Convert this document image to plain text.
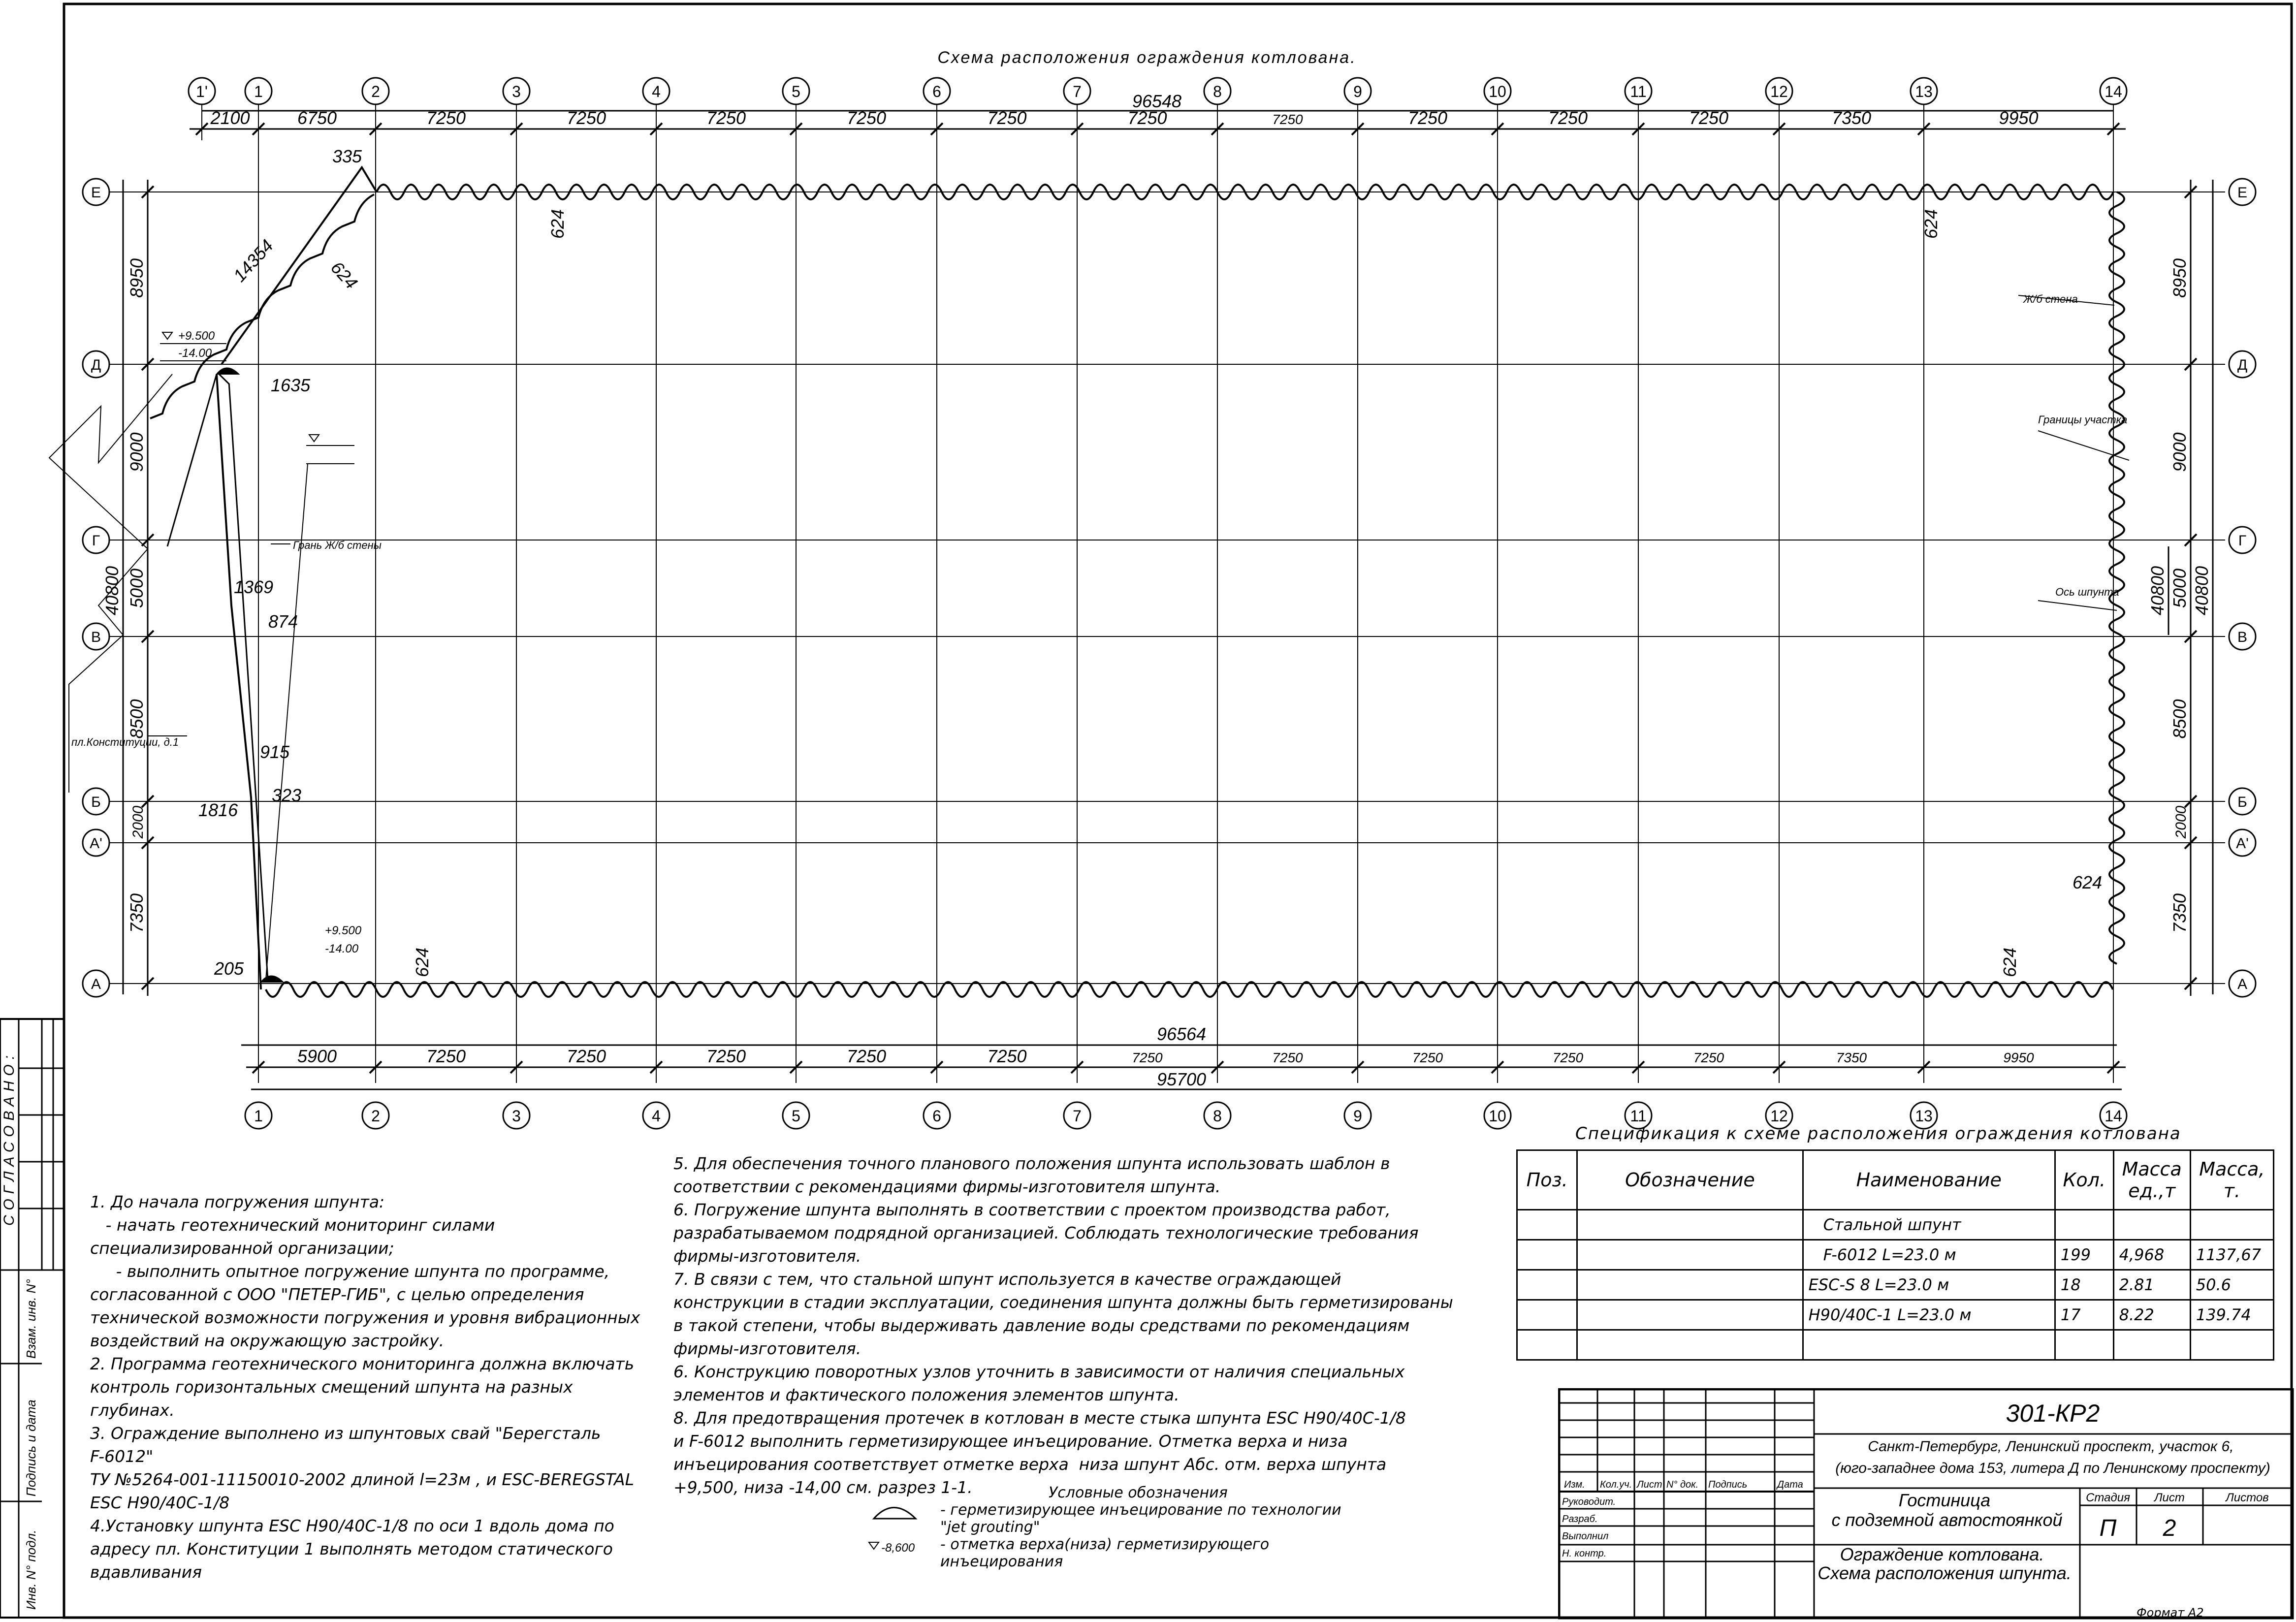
СОГЛАСОВАНО:
Взам. инв. N°
Подпись и дата
Инв. N° подл.
Схема расположения ограждения котлована.
1'	1
1
2
2
3
3
4
4
5
5
6
6
7
7
8
8
9
9
10
10
11
11
12
12
13
13
14
14
Е	Е
Д	Д
Г	Г
В	В
Б	Б
А'	А'
А	А
2100	6750	7250	7250	7250	7250	7250	7250	7250	7250	7250	7250	7350	9950
96548
5900	7250	7250	7250	7250	7250	7250	7250	7250	7250	7250	7350	9950
96564
95700
8950
9000
5000
8500
2000
7350
40800
8950
9000
5000
8500
2000
7350
40800
40800
14354
335
624
624	624
624
624	624
1635
1369
874
915
1816
323
205
+9.500
-14.00
+9.500
-14.00
Грань Ж/б стены
пл.Конституции, д.1
Ж/б стена
Границы участка
Ось шпунта
-8,600
1. До начала погружения шпунта:
- начать геотехнический мониторинг силами
специализированной организации;
- выполнить опытное погружение шпунта по программе,
согласованной с ООО "ПЕТЕР-ГИБ", с целью определения
технической возможности погружения и уровня вибрационных
воздействий на окружающую застройку.
2. Программа геотехнического мониторинга должна включать
контроль горизонтальных смещений шпунта на разных
глубинах.
3. Ограждение выполнено из шпунтовых свай "Берегсталь
F-6012"
ТУ №5264-001-11150010-2002 длиной l=23м , и ESC-BEREGSTAL
ESC H90/40C-1/8
4.Установку шпунта ESC H90/40C-1/8 по оси 1 вдоль дома по
адресу пл. Конституции 1 выполнять методом статического
вдавливания
5. Для обеспечения точного планового положения шпунта использовать шаблон в
соответствии с рекомендациями фирмы-изготовителя шпунта.
6. Погружение шпунта выполнять в соответствии с проектом производства работ,
разрабатываемом подрядной организацией. Соблюдать технологические требования
фирмы-изготовителя.
7. В связи с тем, что стальной шпунт используется в качестве ограждающей
конструкции в стадии эксплуатации, соединения шпунта должны быть герметизированы
в такой степени, чтобы выдерживать давление воды средствами по рекомендациям
фирмы-изготовителя.
6. Конструкцию поворотных узлов уточнить в зависимости от наличия специальных
элементов и фактического положения элементов шпунта.
8. Для предотвращения протечек в котлован в месте стыка шпунта ESC H90/40C-1/8
и F-6012 выполнить герметизирующее инъецирование. Отметка верха и низа
инъецирования соответствует отметке верха  низа шпунт Абс. отм. верха шпунта
+9,500, низа -14,00 см. разрез 1-1.	Условные обозначения
- герметизирующее инъецирование по технологии
"jet grouting"
- отметка верха(низа) герметизирующего
инъецирования
Спецификация к схеме расположения ограждения котлована
Поз.	Обозначение	Наименование	Кол.	Масса ед.,т	Масса, т.
		Стальной шпунт			
		F-6012 L=23.0 м	199	4,968	1137,67
		ESC-S 8 L=23.0 м	18	2.81	50.6
		H90/40C-1 L=23.0 м	17	8.22	139.74

301-КР2
Санкт-Петербург, Ленинский проспект, участок 6, (юго-западнее дома 153, литера Д по Ленинскому проспекту)
Гостиница с подземной автостоянкой
Ограждение котлована. Схема расположения шпунта.
Стадия Лист	Листов
П 2
Изм. Кол.уч. Лист N° док. Подпись	Дата
Руководит.
Разраб.
Выполнил
Н. контр.
Формат A2
